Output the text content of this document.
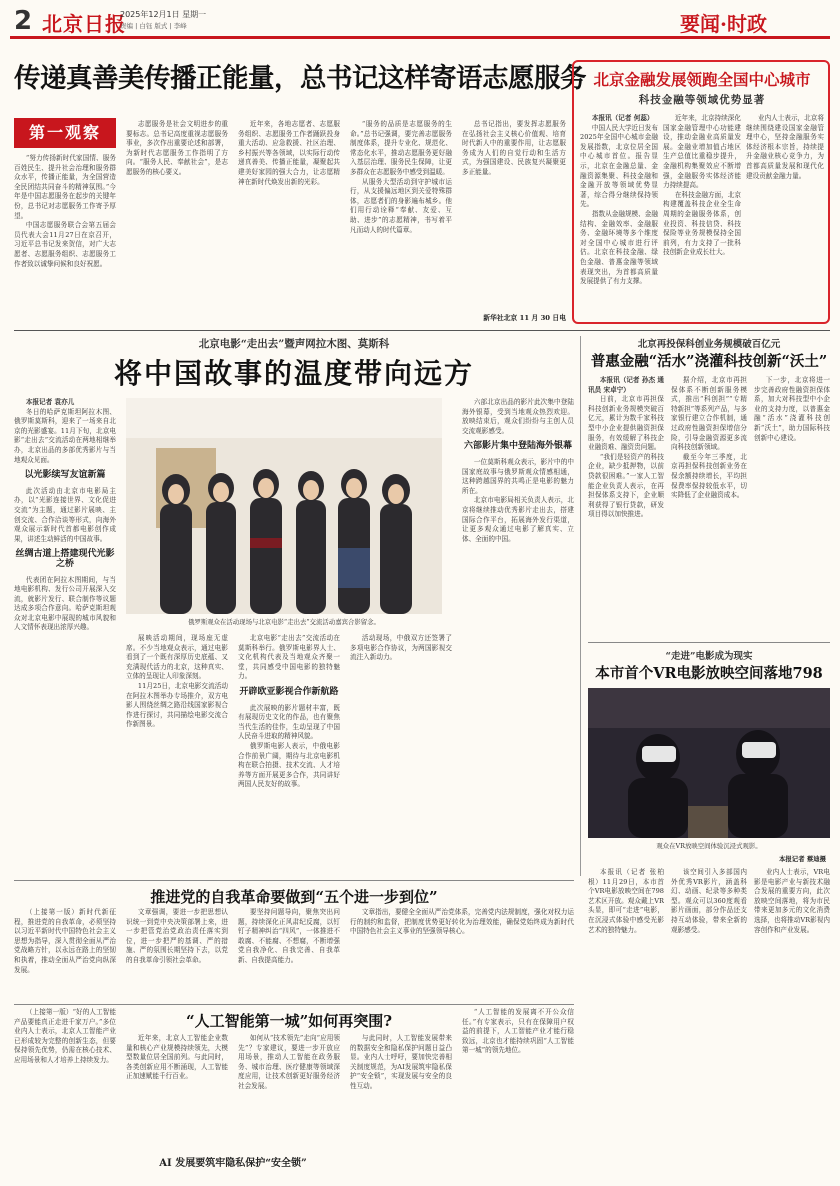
2 北京日报
2025年12月1日 星期一
责编 | 白钰 版式 | 李峰	要闻·时政
传递真善美传播正能量，总书记这样寄语志愿服务
第一观察

“努力传扬新时代家国情、服务百姓民生、提升社会治理和服务群众水平，传播正能量，为全国营造全民团结共同奋斗的精神氛围。”今年是中国志愿服务在起步的关键年份，总书记对志愿服务工作寄予厚望。

中国志愿服务联合会第五届会员代表大会11月27日在京召开，习近平总书记发来贺信，对广大志愿者、志愿服务组织、志愿服务工作者致以诚挚问候和良好祝愿。

志愿服务是社会文明进步的重要标志。总书记高度重视志愿服务事业，多次作出重要论述和部署，为新时代志愿服务工作指明了方向。“服务人民、奉献社会”，是志愿服务的核心要义。

近年来，各地志愿者、志愿服务组织、志愿服务工作者踊跃投身重大活动、应急救援、社区治理、乡村振兴等各领域，以实际行动传递真善美、传播正能量，凝聚起共建美好家园的强大合力，让志愿精神在新时代焕发出新的光彩。

“服务的品质是志愿服务的生命。”总书记强调，要完善志愿服务制度体系，提升专业化、规范化、常态化水平，推动志愿服务更好融入基层治理、服务民生保障，让更多群众在志愿服务中感受到温暖。

从服务大型活动到守护城市运行，从支援偏远地区到关爱特殊群体，志愿者们的身影遍布城乡。他们用行动诠释“奉献、友爱、互助、进步”的志愿精神，书写着平凡而动人的时代篇章。

总书记指出，要发挥志愿服务在弘扬社会主义核心价值观、培育时代新人中的重要作用，让志愿服务成为人们的自觉行动和生活方式，为强国建设、民族复兴凝聚更多正能量。

新华社北京 11 月 30 日电
北京金融发展领跑全国中心城市
科技金融等领域优势显著

本报讯（记者 何蕊）

中国人民大学近日发布2025年全国中心城市金融发展指数，北京位居全国中心城市首位。报告显示，北京在金融总量、金融资源集聚、科技金融和金融开放等领域优势显著，综合得分继续保持领先。

指数从金融规模、金融结构、金融效率、金融服务、金融环境等多个维度对全国中心城市进行评估。北京在科技金融、绿色金融、普惠金融等领域表现突出，为首都高质量发展提供了有力支撑。

近年来，北京持续深化国家金融管理中心功能建设，推动金融业高质量发展。金融业增加值占地区生产总值比重稳步提升，金融机构集聚效应不断增强，金融服务实体经济能力持续提高。

在科技金融方面，北京构建覆盖科技企业全生命周期的金融服务体系，创业投资、科技信贷、科技保险等业务规模保持全国前列，有力支持了一批科技创新企业成长壮大。

业内人士表示，北京将继续围绕建设国家金融管理中心，坚持金融服务实体经济根本宗旨，持续提升金融业核心竞争力，为首都高质量发展和现代化建设贡献金融力量。

北京电影“走出去”暨声网拉木图、莫斯科
将中国故事的温度带向远方

本报记者 袁亦儿

冬日的哈萨克斯坦阿拉木图、俄罗斯莫斯科，迎来了一场来自北京的光影盛宴。11月下旬，北京电影“走出去”交流活动在两地相继举办，北京出品的多部优秀影片与当地观众见面。

以光影续写友谊新篇

此次活动由北京市电影局主办，以“光影连接世界、文化促进交流”为主题，通过影片展映、主创交流、合作洽谈等形式，向海外观众展示新时代首都电影创作成果，讲述生动鲜活的中国故事。

丝绸古道上搭建现代光影之桥

代表团在阿拉木图期间，与当地电影机构、发行公司开展深入交流，就影片发行、联合制作等议题达成多项合作意向。哈萨克斯坦观众对北京电影中展现的城市风貌和人文情怀表现出浓厚兴趣。

俄罗斯观众在活动现场与北京电影“走出去”交流活动嘉宾合影留念。

展映活动期间，现场座无虚席。不少当地观众表示，通过电影看到了一个既有深厚历史底蕴、又充满现代活力的北京，这种真实、立体的呈现让人印象深刻。

11月25日，北京电影交流活动在阿拉木图举办专场推介，双方电影人围绕丝绸之路沿线国家影视合作进行探讨，共同描绘电影交流合作新图景。

北京电影“走出去”交流活动在莫斯科举行。俄罗斯电影界人士、文化机构代表及当地观众齐聚一堂，共同感受中国电影的独特魅力。

开辟欧亚影视合作新航路

此次展映的影片题材丰富，既有展现历史文化的作品，也有聚焦当代生活的佳作，生动呈现了中国人民奋斗进取的精神风貌。

俄罗斯电影人表示，中俄电影合作前景广阔，期待与北京电影机构在联合拍摄、技术交流、人才培养等方面开展更多合作，共同讲好两国人民友好的故事。

活动现场，中俄双方还签署了多项电影合作协议，为两国影视交流注入新动力。

六部北京出品的影片此次集中登陆海外银幕，受到当地观众热烈欢迎。放映结束后，观众们纷纷与主创人员交流观影感受。

六部影片集中登陆海外银幕

一位莫斯科观众表示，影片中的中国家庭故事与俄罗斯观众情感相通，这种跨越国界的共鸣正是电影的魅力所在。

北京市电影局相关负责人表示，北京将继续推动优秀影片走出去，搭建国际合作平台，拓展海外发行渠道，让更多观众通过电影了解真实、立体、全面的中国。

北京再投保科创业务规模破百亿元
普惠金融“活水”浇灌科技创新“沃土”

本报讯（记者 孙杰 通讯员 宋卓宁）

日前，北京市再担保科技创新业务规模突破百亿元，累计为数千家科技型中小企业提供融资担保服务，有效缓解了科技企业融资难、融资贵问题。

“我们是轻资产的科技企业，缺少抵押物，以前贷款很困难。”一家人工智能企业负责人表示，在再担保体系支持下，企业顺利获得了银行贷款，研发项目得以加快推进。

据介绍，北京市再担保体系不断创新服务模式，推出“科创担”“专精特新担”等系列产品，与多家银行建立合作机制，通过政府性融资担保增信分险，引导金融资源更多流向科技创新领域。

截至今年三季度，北京再担保科技创新业务在保余额持续增长，平均担保费率保持较低水平，切实降低了企业融资成本。

下一步，北京将进一步完善政府性融资担保体系，加大对科技型中小企业的支持力度，以普惠金融“活水”浇灌科技创新“沃土”，助力国际科技创新中心建设。

“走进”电影成为现实
本市首个VR电影放映空间落地798
观众在VR放映空间体验沉浸式观影。
本报记者 蔡迪摄

本报讯（记者 张柏根）11月29日，本市首个VR电影放映空间在798艺术区开放。观众戴上VR头显，即可“走进”电影，在沉浸式体验中感受光影艺术的独特魅力。

该空间引入多部国内外优秀VR影片，涵盖科幻、动画、纪录等多种类型。观众可以360度观看影片画面，部分作品还支持互动体验，带来全新的观影感受。

业内人士表示，VR电影是电影产业与新技术融合发展的重要方向，此次放映空间落地，将为市民带来更加多元的文化消费选择，也将推动VR影视内容创作和产业发展。

推进党的自我革命要做到“五个进一步到位”

（上接第一版）新时代新征程，推进党的自我革命，必须坚持以习近平新时代中国特色社会主义思想为指导，深入贯彻全面从严治党战略方针，以永远在路上的坚韧和执着，推动全面从严治党向纵深发展。

文章强调，要进一步把思想认识统一到党中央决策部署上来，进一步把管党治党政治责任落实到位，进一步把严的基调、严的措施、严的氛围长期坚持下去，以党的自我革命引领社会革命。

要坚持问题导向，聚焦突出问题，持续深化正风肃纪反腐，以钉钉子精神纠治“四风”，一体推进不敢腐、不能腐、不想腐，不断增强党自我净化、自我完善、自我革新、自我提高能力。

文章指出，要健全全面从严治党体系，完善党内法规制度，强化对权力运行的制约和监督，把制度优势更好转化为治理效能，确保党始终成为新时代中国特色社会主义事业的坚强领导核心。

（上接第一版）“好的人工智能产品要能真正走进千家万户。”多位业内人士表示，北京人工智能产业已形成较为完整的创新生态，但要保持领先优势，仍需在核心技术、应用场景和人才培养上持续发力。

“人工智能第一城”如何再突围?

近年来，北京人工智能企业数量和核心产业规模持续领先，大模型数量位居全国前列。与此同时，各类创新应用不断涌现，人工智能正加速赋能千行百业。

如何从“技术领先”走向“应用领先”？专家建议，要进一步开放应用场景，推动人工智能在政务服务、城市治理、医疗健康等领域深度应用，让技术创新更好服务经济社会发展。

与此同时，人工智能发展带来的数据安全和隐私保护问题日益凸显。业内人士呼吁，要加快完善相关制度规范，为AI发展筑牢隐私保护“安全锁”，实现发展与安全的良性互动。

“人工智能的发展离不开公众信任。”有专家表示，只有在保障用户权益的前提下，人工智能产业才能行稳致远，北京也才能持续巩固“人工智能第一城”的领先地位。

AI 发展要筑牢隐私保护“安全锁”
